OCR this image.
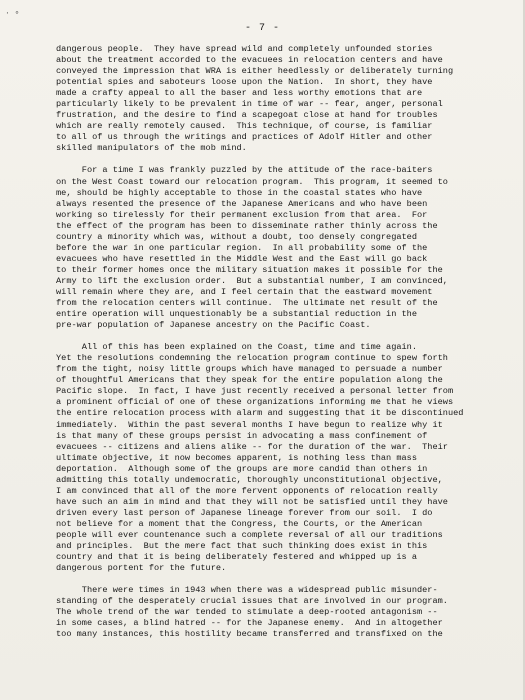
∙ ∘
- 7 -
dangerous people.  They have spread wild and completely unfounded stories
about the treatment accorded to the evacuees in relocation centers and have
conveyed the impression that WRA is either heedlessly or deliberately turning
potential spies and saboteurs loose upon the Nation.  In short, they have
made a crafty appeal to all the baser and less worthy emotions that are
particularly likely to be prevalent in time of war -- fear, anger, personal
frustration, and the desire to find a scapegoat close at hand for troubles
which are really remotely caused.  This technique, of course, is familiar
to all of us through the writings and practices of Adolf Hitler and other
skilled manipulators of the mob mind.
For a time I was frankly puzzled by the attitude of the race-baiters
on the West Coast toward our relocation program.  This program, it seemed to
me, should be highly acceptable to those in the coastal states who have
always resented the presence of the Japanese Americans and who have been
working so tirelessly for their permanent exclusion from that area.  For
the effect of the program has been to disseminate rather thinly across the
country a minority which was, without a doubt, too densely congregated
before the war in one particular region.  In all probability some of the
evacuees who have resettled in the Middle West and the East will go back
to their former homes once the military situation makes it possible for the
Army to lift the exclusion order.  But a substantial number, I am convinced,
will remain where they are, and I feel certain that the eastward movement
from the relocation centers will continue.  The ultimate net result of the
entire operation will unquestionably be a substantial reduction in the
pre-war population of Japanese ancestry on the Pacific Coast.
All of this has been explained on the Coast, time and time again.
Yet the resolutions condemning the relocation program continue to spew forth
from the tight, noisy little groups which have managed to persuade a number
of thoughtful Americans that they speak for the entire population along the
Pacific slope.  In fact, I have just recently received a personal letter from
a prominent official of one of these organizations informing me that he views
the entire relocation process with alarm and suggesting that it be discontinued
immediately.  Within the past several months I have begun to realize why it
is that many of these groups persist in advocating a mass confinement of
evacuees -- citizens and aliens alike -- for the duration of the war.  Their
ultimate objective, it now becomes apparent, is nothing less than mass
deportation.  Although some of the groups are more candid than others in
admitting this totally undemocratic, thoroughly unconstitutional objective,
I am convinced that all of the more fervent opponents of relocation really
have such an aim in mind and that they will not be satisfied until they have
driven every last person of Japanese lineage forever from our soil.  I do
not believe for a moment that the Congress, the Courts, or the American
people will ever countenance such a complete reversal of all our traditions
and principles.  But the mere fact that such thinking does exist in this
country and that it is being deliberately festered and whipped up is a
dangerous portent for the future.
There were times in 1943 when there was a widespread public misunder-
standing of the desperately crucial issues that are involved in our program.
The whole trend of the war tended to stimulate a deep-rooted antagonism --
in some cases, a blind hatred -- for the Japanese enemy.  And in altogether
too many instances, this hostility became transferred and transfixed on the
